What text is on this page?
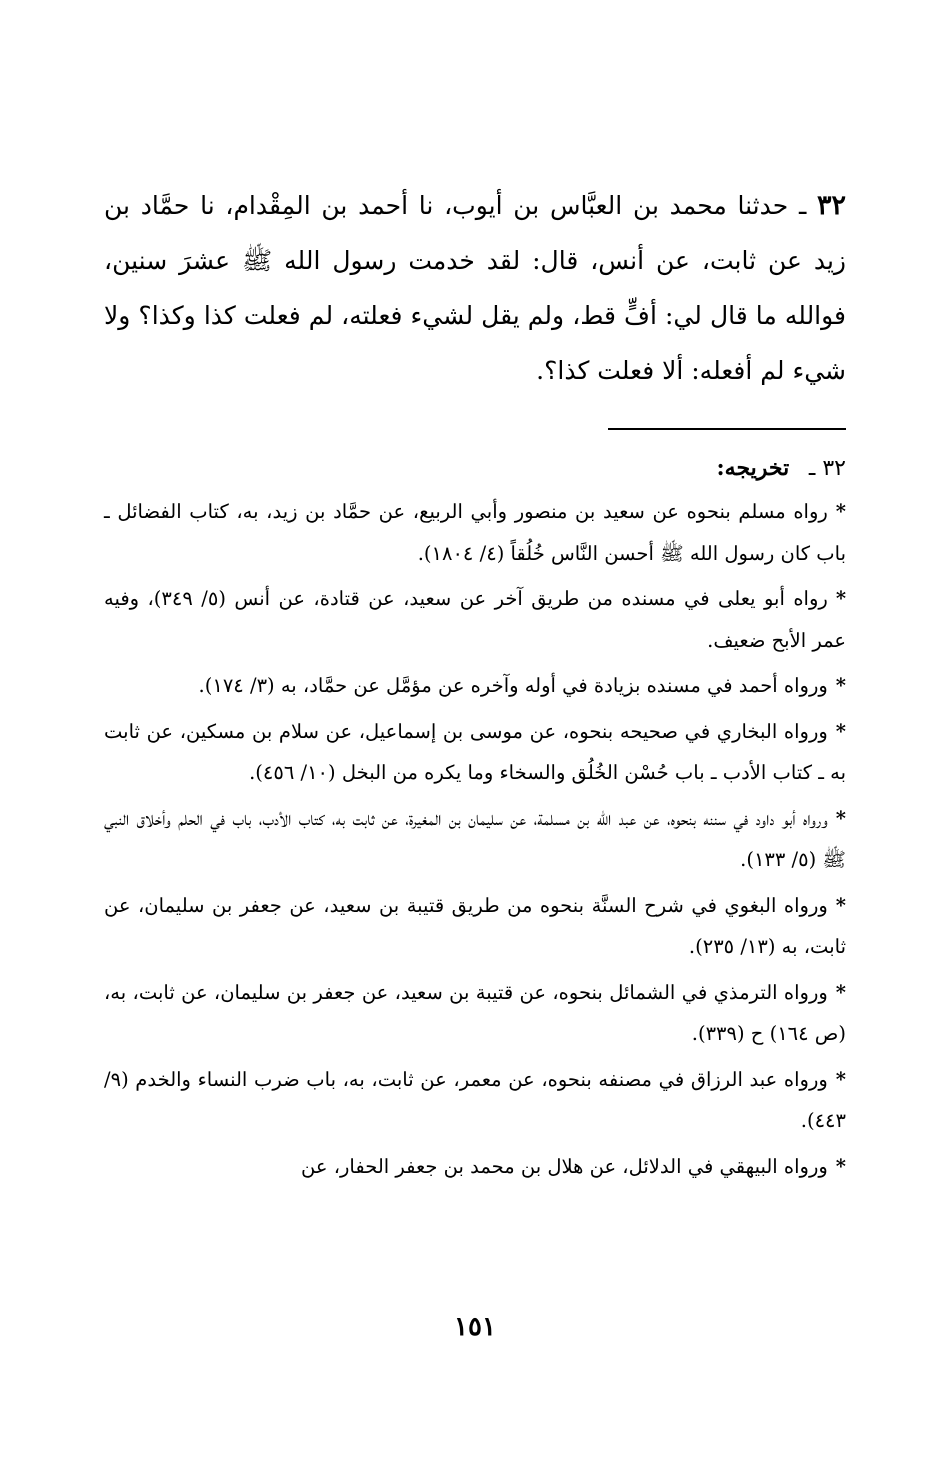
٣٢ ـ حدثنا محمد بن العبَّاس بن أيوب، نا أحمد بن المِقْدام، نا حمَّاد بن زيد عن ثابت، عن أنس، قال: لقد خدمت رسول الله ﷺ عشرَ سنين، فوالله ما قال لي: أفٍّ قط، ولم يقل لشيء فعلته، لم فعلت كذا وكذا؟ ولا شيء لم أفعله: ألا فعلت كذا؟.

٣٢ ـ تخريجه:

*رواه مسلم بنحوه عن سعيد بن منصور وأبي الربيع، عن حمَّاد بن زيد، به، كتاب الفضائل ـ باب كان رسول الله ﷺ أحسن النَّاس خُلُقاً (٤/ ١٨٠٤).

*رواه أبو يعلى في مسنده من طريق آخر عن سعيد، عن قتادة، عن أنس (٥/ ٣٤٩)، وفيه عمر الأبح ضعيف.

*ورواه أحمد في مسنده بزيادة في أوله وآخره عن مؤمَّل عن حمَّاد، به (٣/ ١٧٤).

*ورواه البخاري في صحيحه بنحوه، عن موسى بن إسماعيل، عن سلام بن مسكين، عن ثابت به ـ كتاب الأدب ـ باب حُسْن الخُلُق والسخاء وما يكره من البخل (١٠/ ٤٥٦).

*ورواه أبو داود في سننه بنحوه، عن عبد الله بن مسلمة، عن سليمان بن المغيرة، عن ثابت به، كتاب الأدب، باب في الحلم وأخلاق النبي ﷺ (٥/ ١٣٣).

*ورواه البغوي في شرح السنَّة بنحوه من طريق قتيبة بن سعيد، عن جعفر بن سليمان، عن ثابت، به (١٣/ ٢٣٥).

*ورواه الترمذي في الشمائل بنحوه، عن قتيبة بن سعيد، عن جعفر بن سليمان، عن ثابت، به، (ص ١٦٤) ح (٣٣٩).

*ورواه عبد الرزاق في مصنفه بنحوه، عن معمر، عن ثابت، به، باب ضرب النساء والخدم (٩/ ٤٤٣).

*ورواه البيهقي في الدلائل، عن هلال بن محمد بن جعفر الحفار، عن

١٥١
